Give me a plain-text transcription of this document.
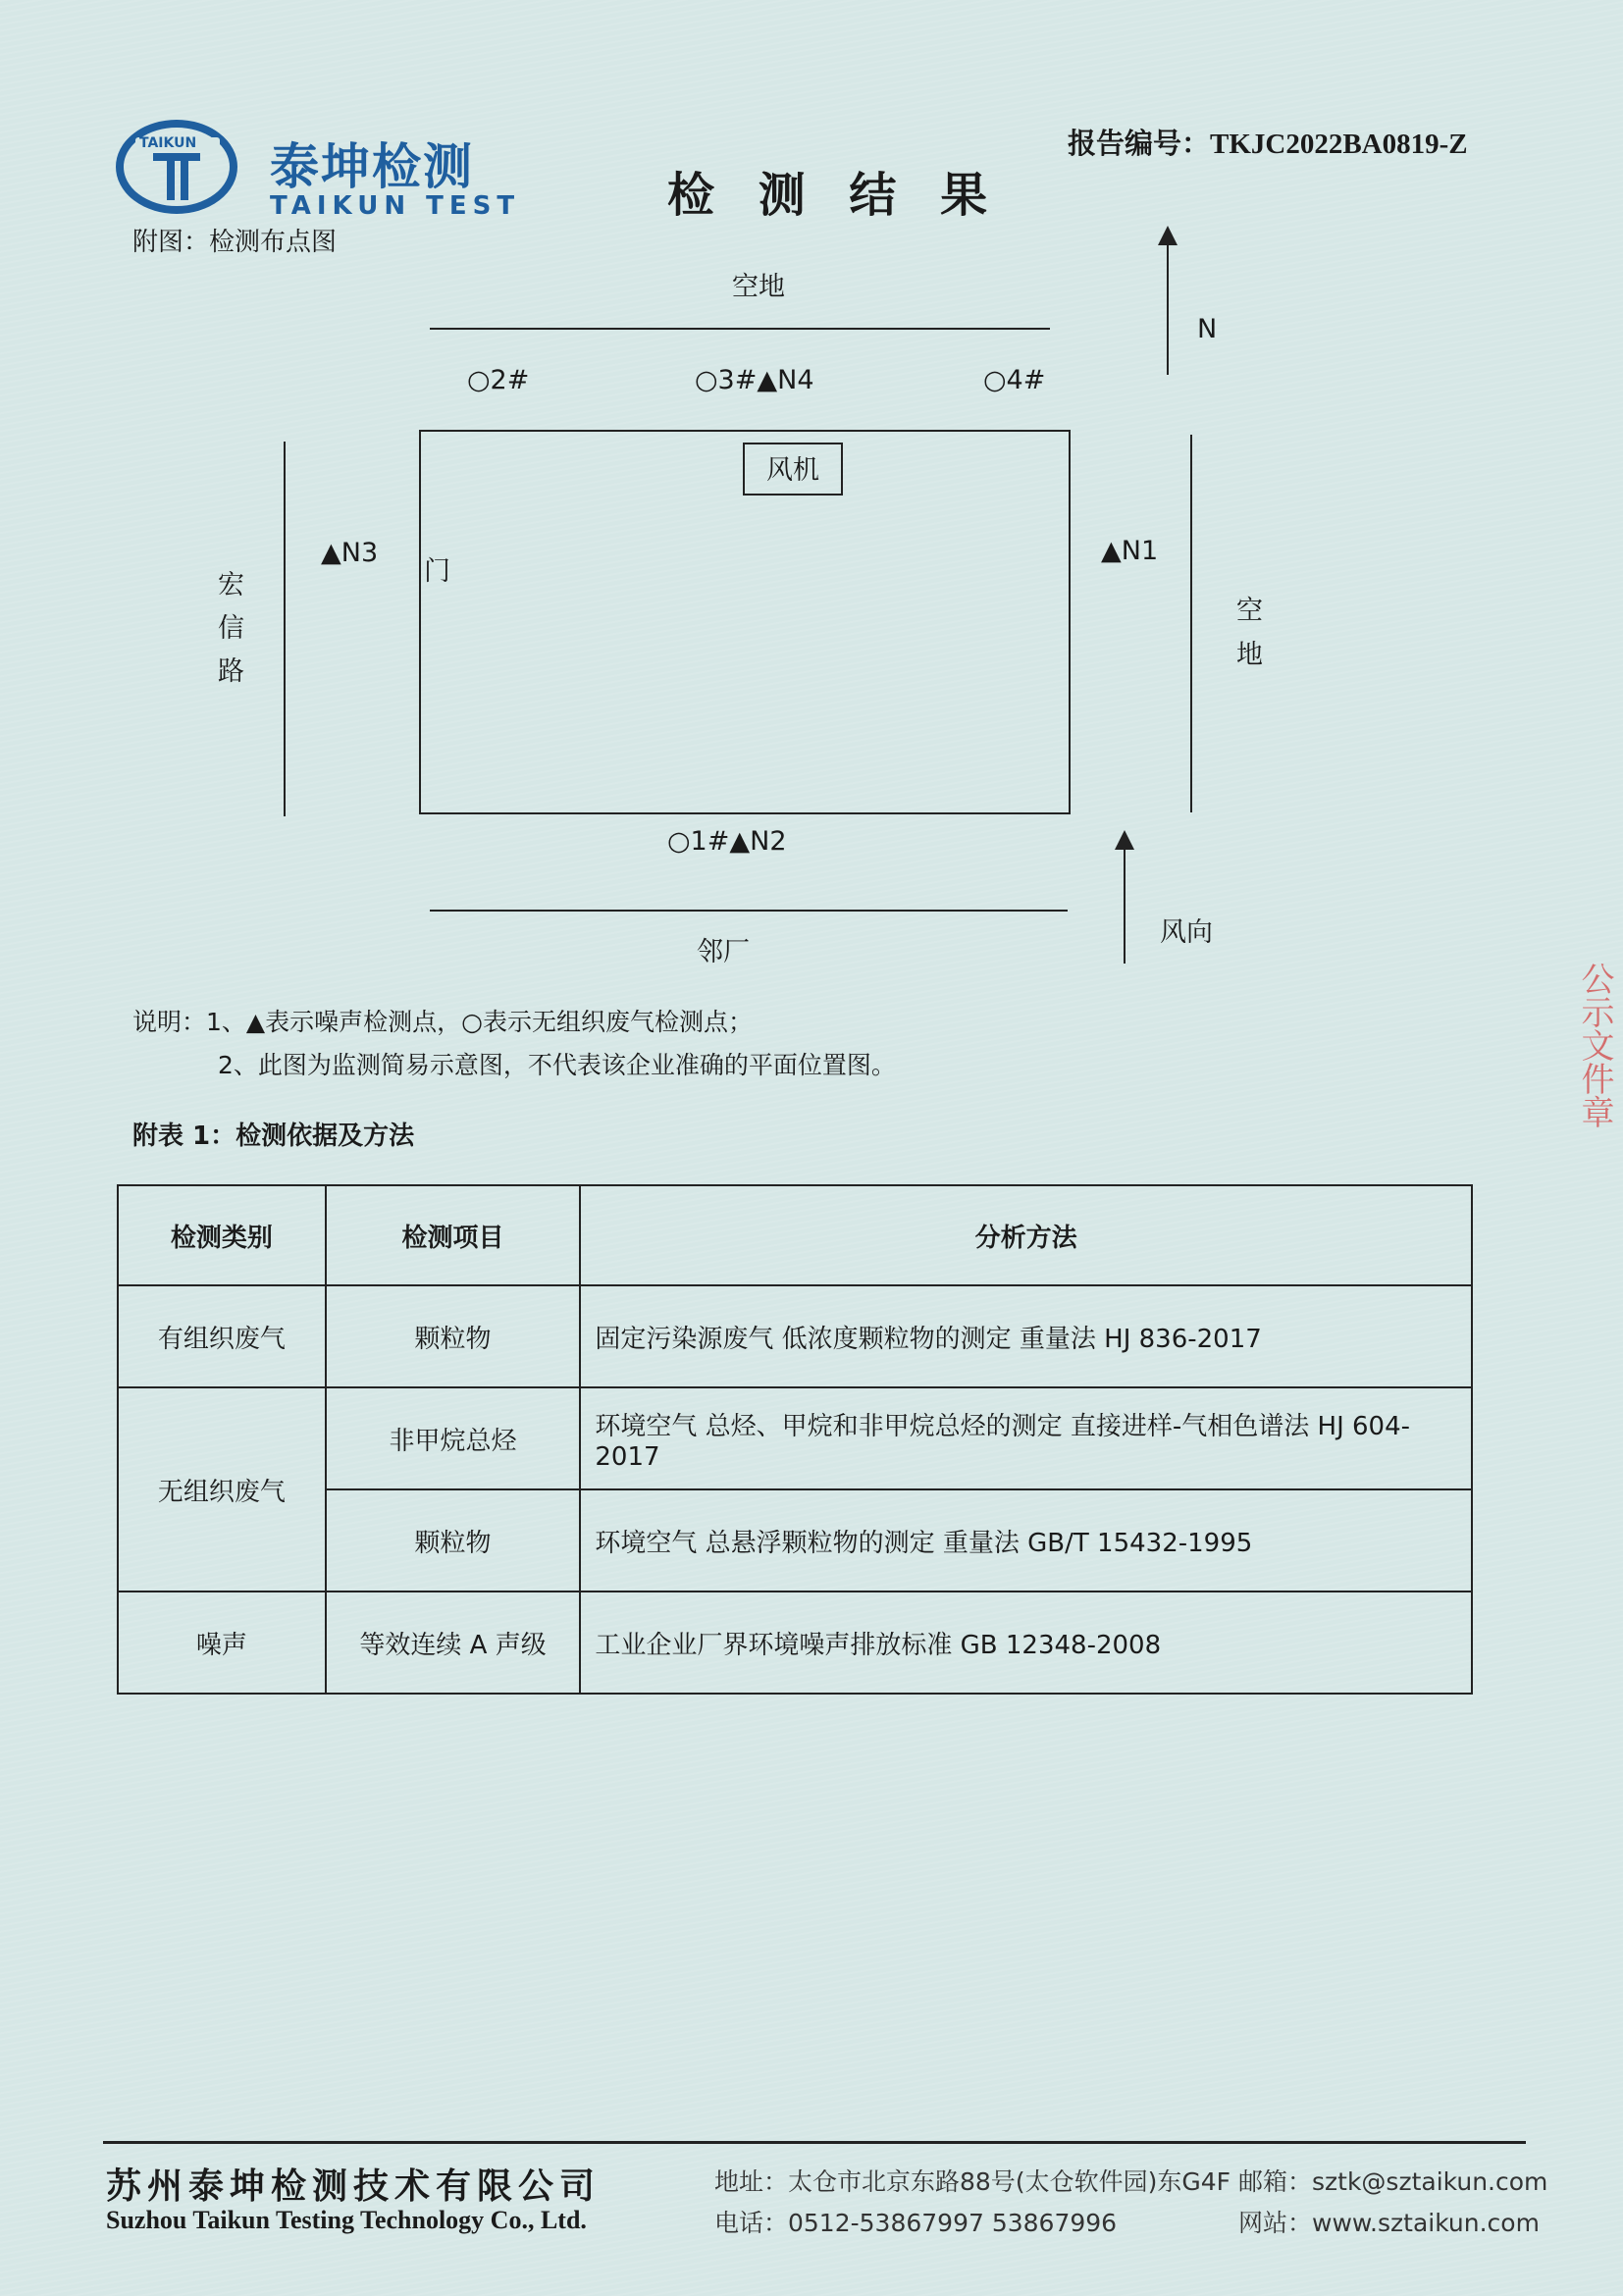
TAIKUN 泰坤检测
TAIKUN TEST
报告编号：TKJC2022BA0819-Z
检 测 结 果
附图：检测布点图
空地
N
○2#	○3#▲N4	○4#
风机
▲N3
门
▲N1
宏
信
路
空
地
○1#▲N2
邻厂
风向
说明：1、▲表示噪声检测点，○表示无组织废气检测点；
2、此图为监测简易示意图，不代表该企业准确的平面位置图。
附表 1：检测依据及方法
检测类别	检测项目	分析方法
有组织废气	颗粒物	固定污染源废气 低浓度颗粒物的测定 重量法 HJ 836-2017
无组织废气	非甲烷总烃	环境空气 总烃、甲烷和非甲烷总烃的测定 直接进样-气相色谱法 HJ 604-2017
	颗粒物	环境空气 总悬浮颗粒物的测定 重量法 GB/T 15432-1995
噪声	等效连续 A 声级	工业企业厂界环境噪声排放标准 GB 12348-2008
公示文件章
苏州泰坤检测技术有限公司
Suzhou Taikun Testing Technology Co., Ltd.
地址：太仓市北京东路88号(太仓软件园)东G4F 邮箱：sztk@sztaikun.com
电话：0512-53867997 53867996	网站：www.sztaikun.com
